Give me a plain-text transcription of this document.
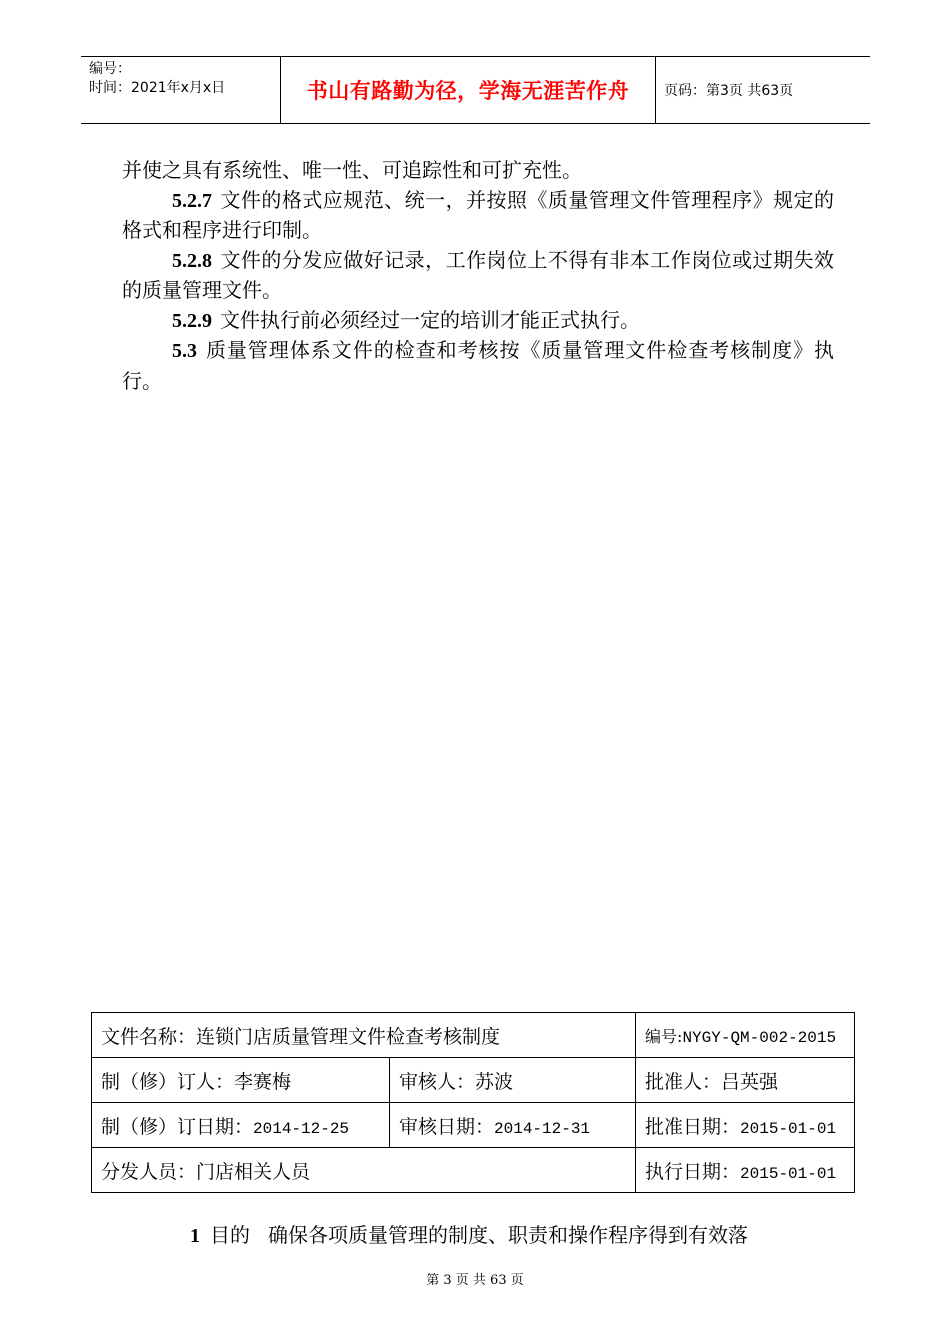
编号：
时间：2021年x月x日	书山有路勤为径，学海无涯苦作舟	页码：第3页 共63页

并使之具有系统性、唯一性、可追踪性和可扩充性。

5.2.7 文件的格式应规范、统一，并按照《质量管理文件管理程序》规定的格式和程序进行印制。

5.2.8 文件的分发应做好记录，工作岗位上不得有非本工作岗位或过期失效的质量管理文件。

5.2.9 文件执行前必须经过一定的培训才能正式执行。

5.3 质量管理体系文件的检查和考核按《质量管理文件检查考核制度》执行。

文件名称：连锁门店质量管理文件检查考核制度		编号:NYGY-QM-002-2015
制（修）订人：李赛梅	审核人：苏波	批准人：吕英强
制（修）订日期：2014-12-25	审核日期：2014-12-31	批准日期：2015-01-01
分发人员：门店相关人员		执行日期：2015-01-01
1 目的 确保各项质量管理的制度、职责和操作程序得到有效落
第 3 页 共 63 页
